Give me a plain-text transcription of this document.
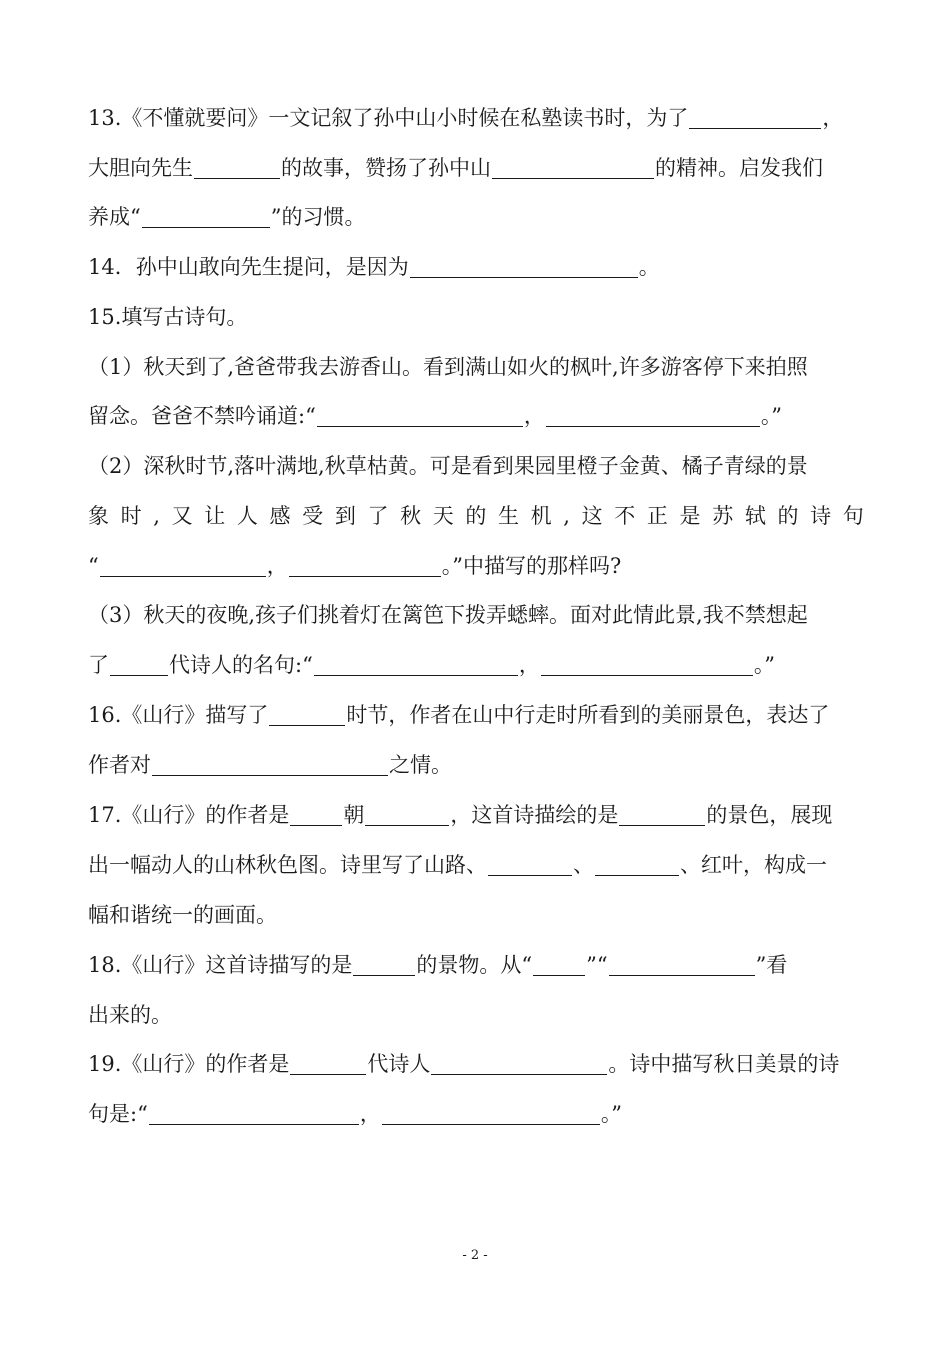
13.《不懂就要问》一文记叙了孙中山小时候在私塾读书时，为了	，
大胆向先生	的故事，赞扬了孙中山	的精神。启发我们
养成“	”的习惯。
14．孙中山敢向先生提问，是因为	。
15.填写古诗句。
（1）秋天到了,爸爸带我去游香山。看到满山如火的枫叶,许多游客停下来拍照
留念。爸爸不禁吟诵道:“	，	。”
（2）深秋时节,落叶满地,秋草枯黄。可是看到果园里橙子金黄、橘子青绿的景
象 时 , 又 让 人 感 受 到 了 秋 天 的 生 机 , 这 不 正 是 苏 轼 的 诗 句
“	，	。”中描写的那样吗?
（3）秋天的夜晚,孩子们挑着灯在篱笆下拨弄蟋蟀。面对此情此景,我不禁想起
了	代诗人的名句:“	，	。”
16.《山行》描写了	时节，作者在山中行走时所看到的美丽景色，表达了
作者对	之情。
17.《山行》的作者是	朝	，这首诗描绘的是	的景色，展现
出一幅动人的山林秋色图。诗里写了山路、	、	、红叶，构成一
幅和谐统一的画面。
18.《山行》这首诗描写的是	的景物。从“	”“	”看
出来的。
19.《山行》的作者是	代诗人	。诗中描写秋日美景的诗
句是:“	，	。”
- 2 -
